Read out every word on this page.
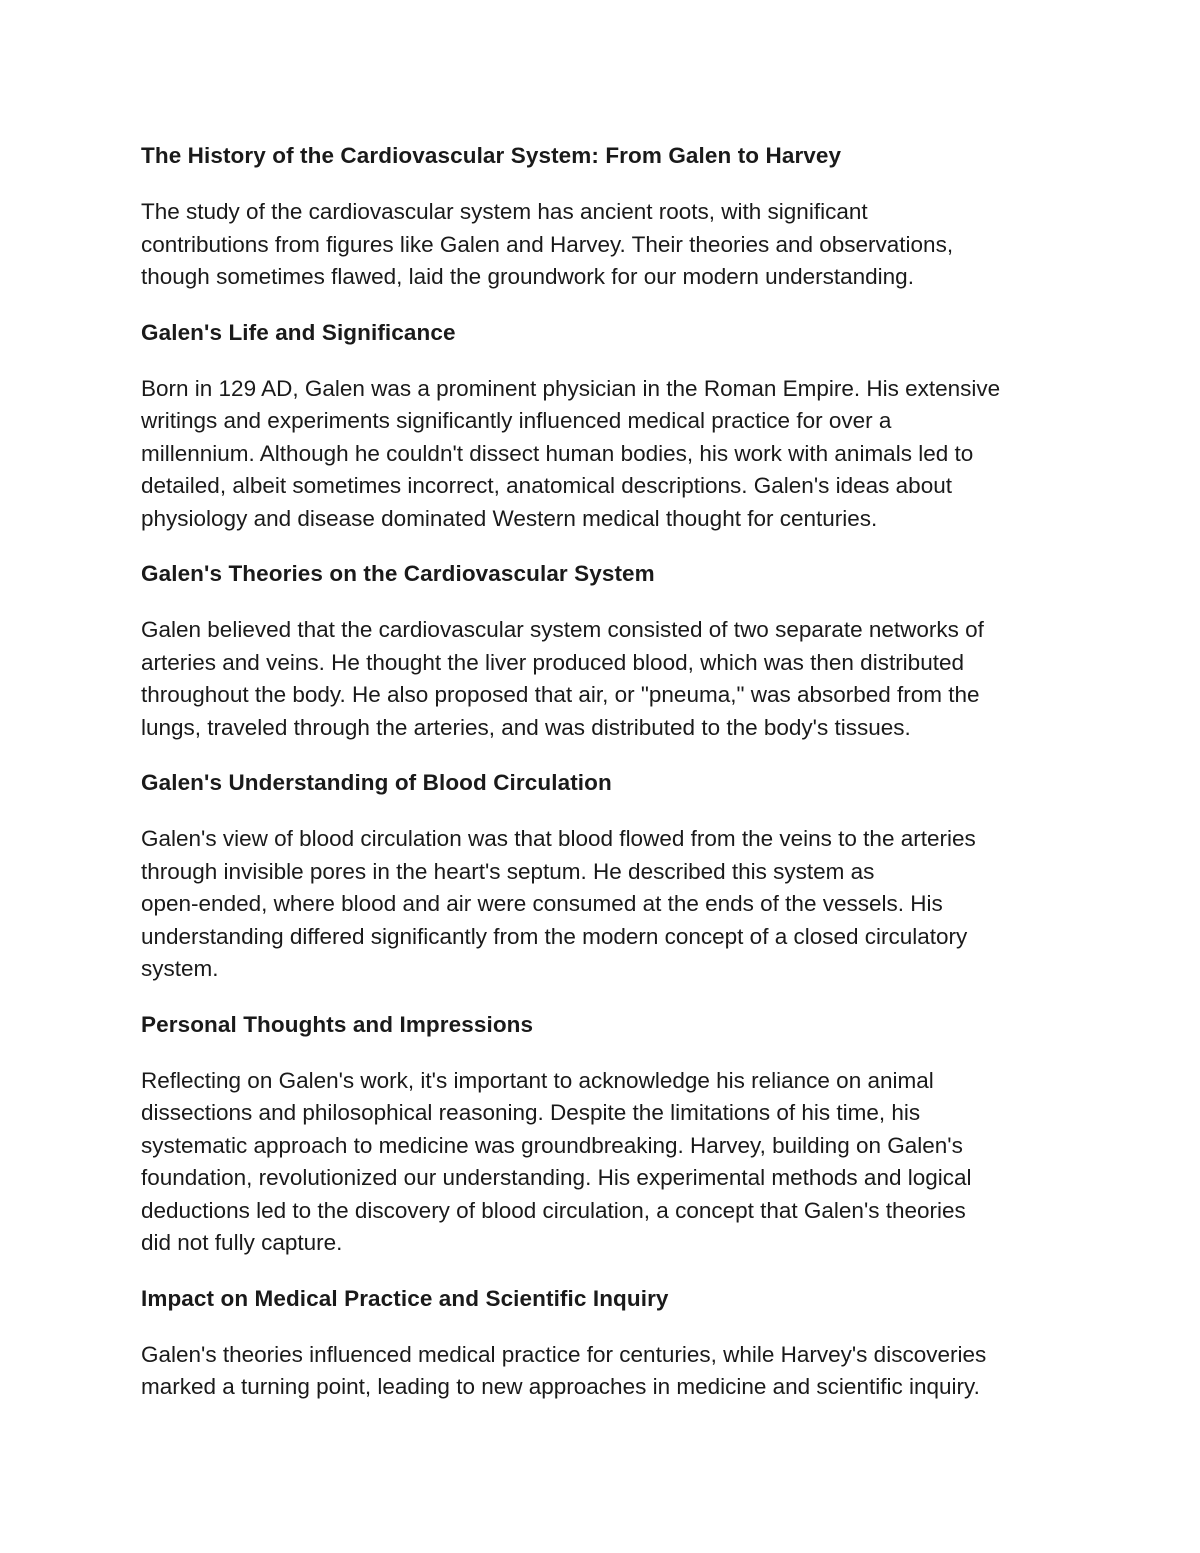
The History of the Cardiovascular System: From Galen to Harvey
The study of the cardiovascular system has ancient roots, with significant
contributions from figures like Galen and Harvey. Their theories and observations,
though sometimes flawed, laid the groundwork for our modern understanding.
Galen's Life and Significance
Born in 129 AD, Galen was a prominent physician in the Roman Empire. His extensive
writings and experiments significantly influenced medical practice for over a
millennium. Although he couldn't dissect human bodies, his work with animals led to
detailed, albeit sometimes incorrect, anatomical descriptions. Galen's ideas about
physiology and disease dominated Western medical thought for centuries.
Galen's Theories on the Cardiovascular System
Galen believed that the cardiovascular system consisted of two separate networks of
arteries and veins. He thought the liver produced blood, which was then distributed
throughout the body. He also proposed that air, or "pneuma," was absorbed from the
lungs, traveled through the arteries, and was distributed to the body's tissues.
Galen's Understanding of Blood Circulation
Galen's view of blood circulation was that blood flowed from the veins to the arteries
through invisible pores in the heart's septum. He described this system as
open-ended, where blood and air were consumed at the ends of the vessels. His
understanding differed significantly from the modern concept of a closed circulatory
system.
Personal Thoughts and Impressions
Reflecting on Galen's work, it's important to acknowledge his reliance on animal
dissections and philosophical reasoning. Despite the limitations of his time, his
systematic approach to medicine was groundbreaking. Harvey, building on Galen's
foundation, revolutionized our understanding. His experimental methods and logical
deductions led to the discovery of blood circulation, a concept that Galen's theories
did not fully capture.
Impact on Medical Practice and Scientific Inquiry
Galen's theories influenced medical practice for centuries, while Harvey's discoveries
marked a turning point, leading to new approaches in medicine and scientific inquiry.
